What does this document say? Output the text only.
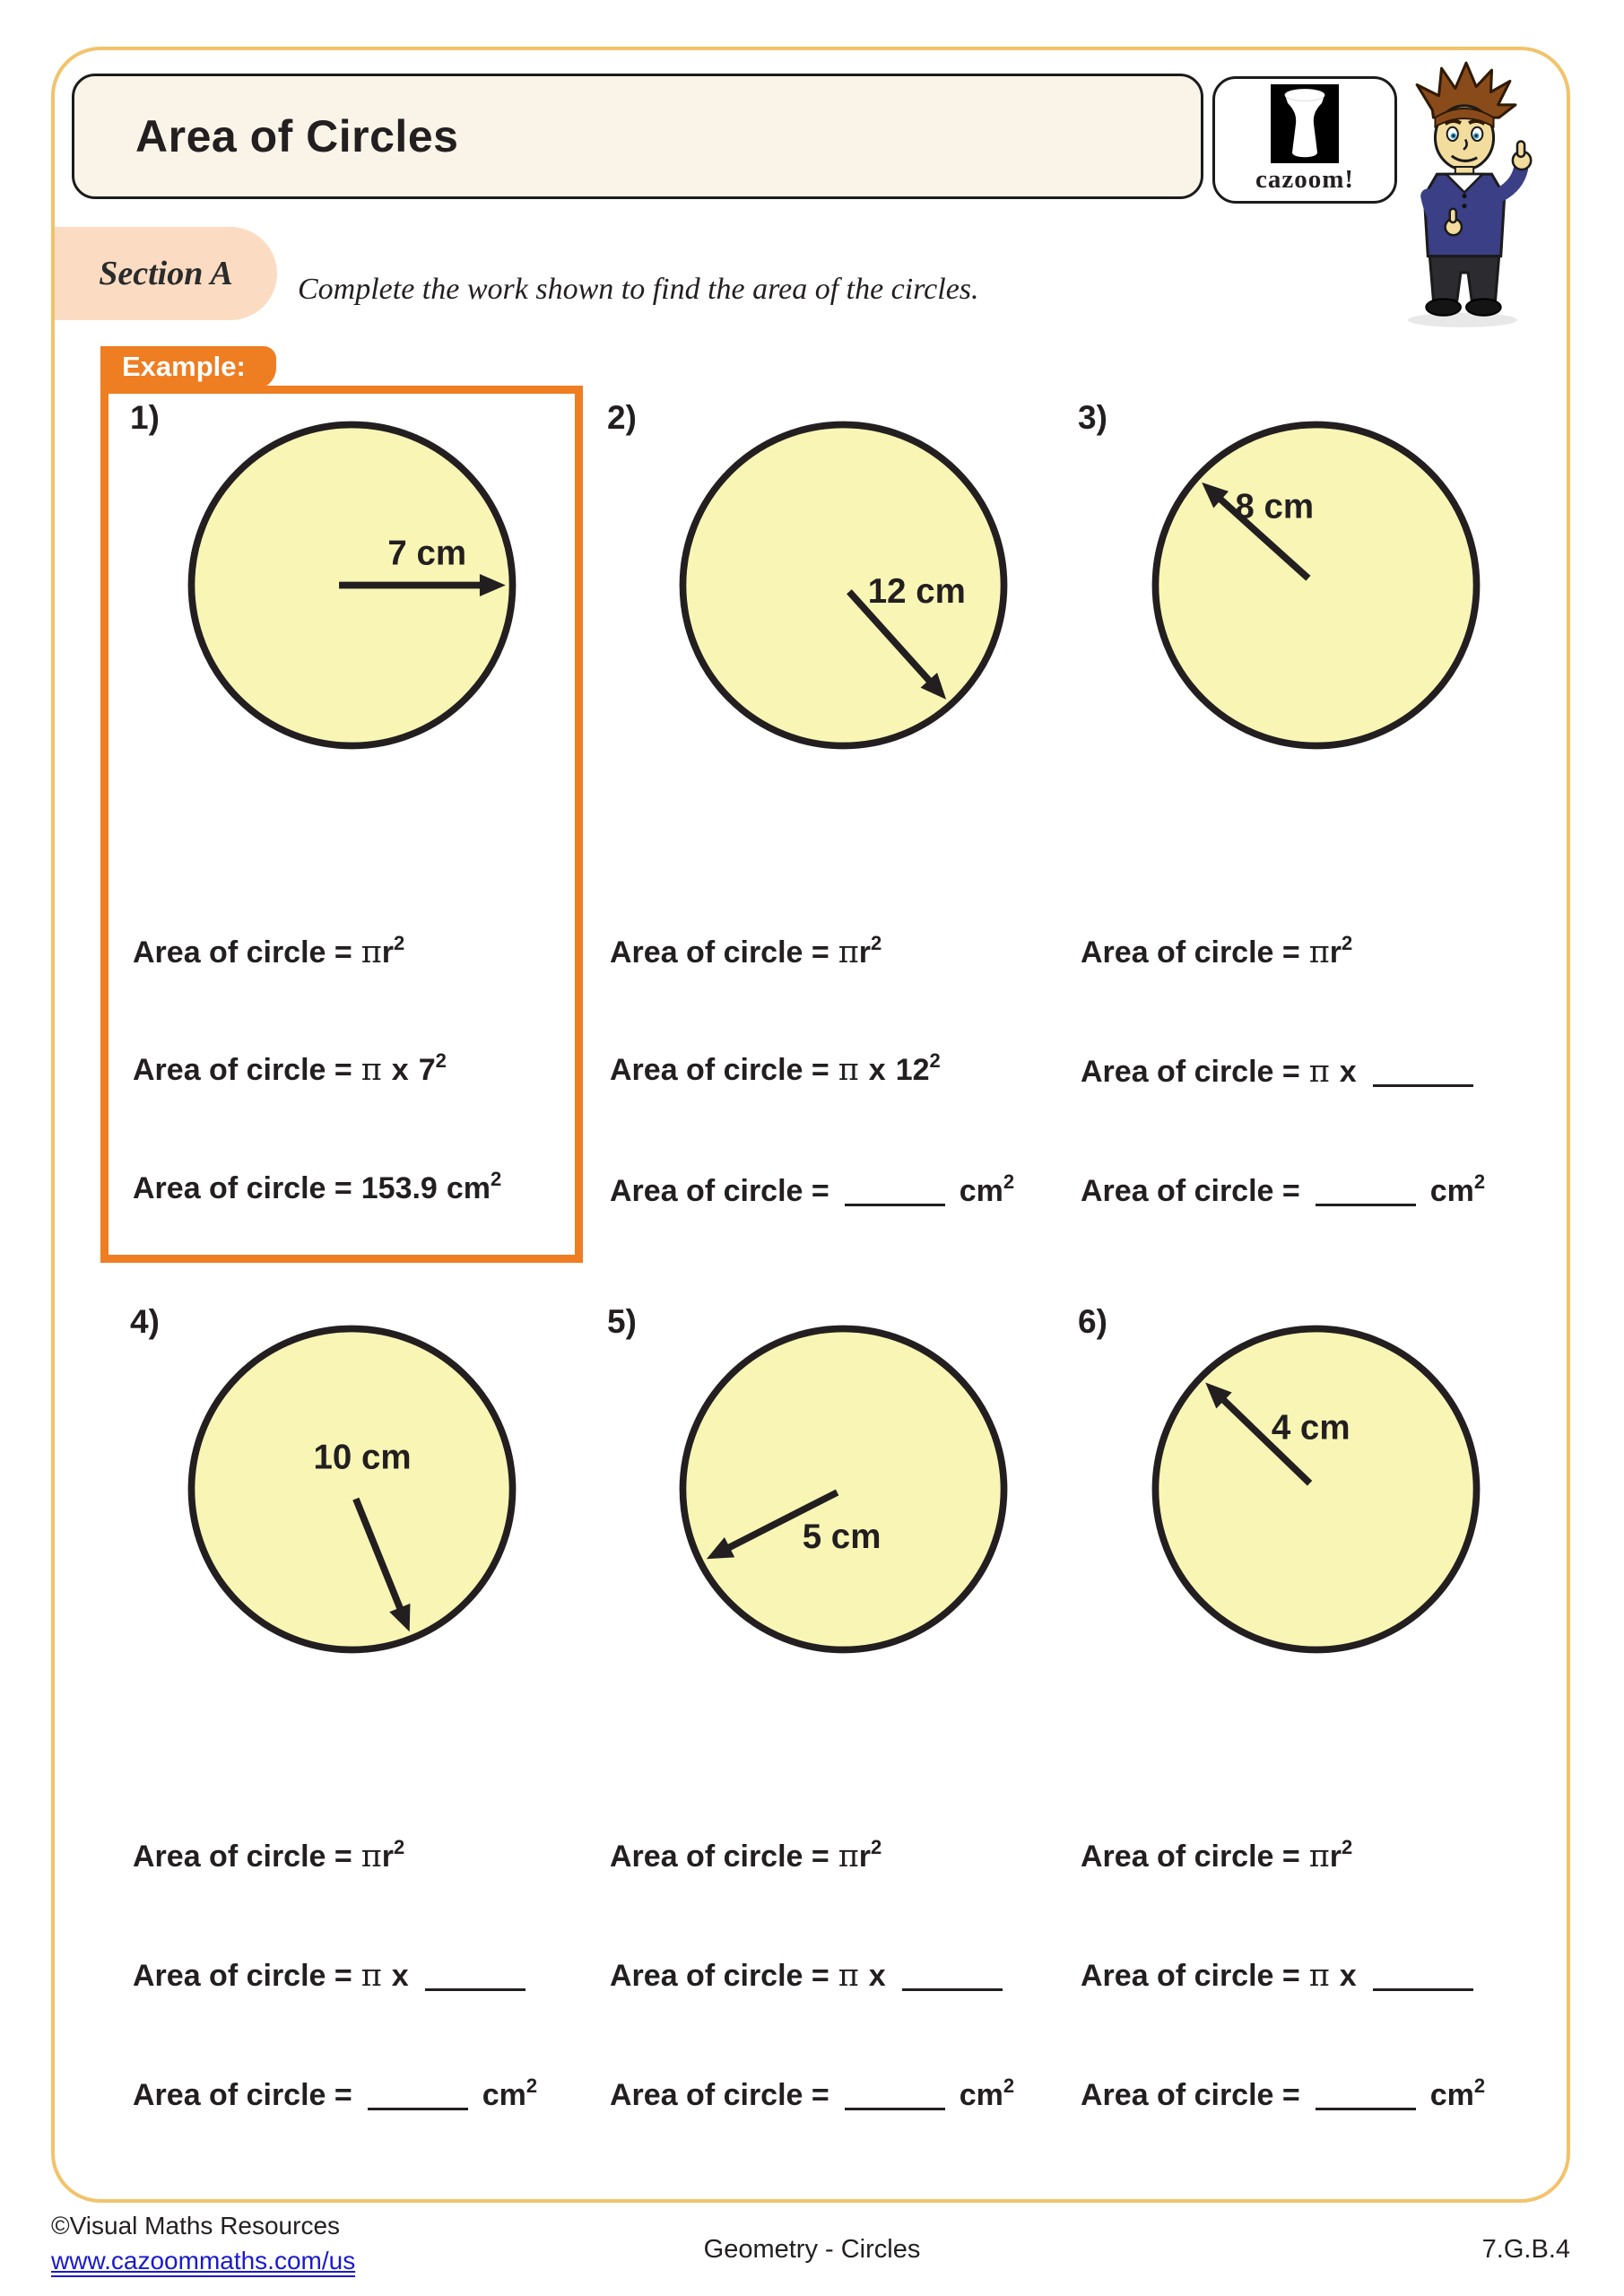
Area of Circles
cazoom!
Section A	Complete the work shown to find the area of the circles.
Example:
1)
7 cm
Area of circle = $\pi r^2$
Area of circle = π x $7^2$
Area of circle = 153.9 $cm^2$
2)
12 cm
Area of circle = $\pi r^2$
Area of circle = π x $12^2$
Area of circle =	$cm^2$
3)
8 cm
Area of circle = $\pi r^2$
Area of circle = π x
Area of circle =	$cm^2$
4)
10 cm
Area of circle = $\pi r^2$
Area of circle = π x
Area of circle =	$cm^2$
5)
5 cm
Area of circle = $\pi r^2$
Area of circle = π x
Area of circle =	$cm^2$
6)
4 cm
Area of circle = $\pi r^2$
Area of circle = π x
Area of circle =	$cm^2$
©Visual Maths Resources
www.cazoommaths.com/us	Geometry - Circles	7.G.B.4
